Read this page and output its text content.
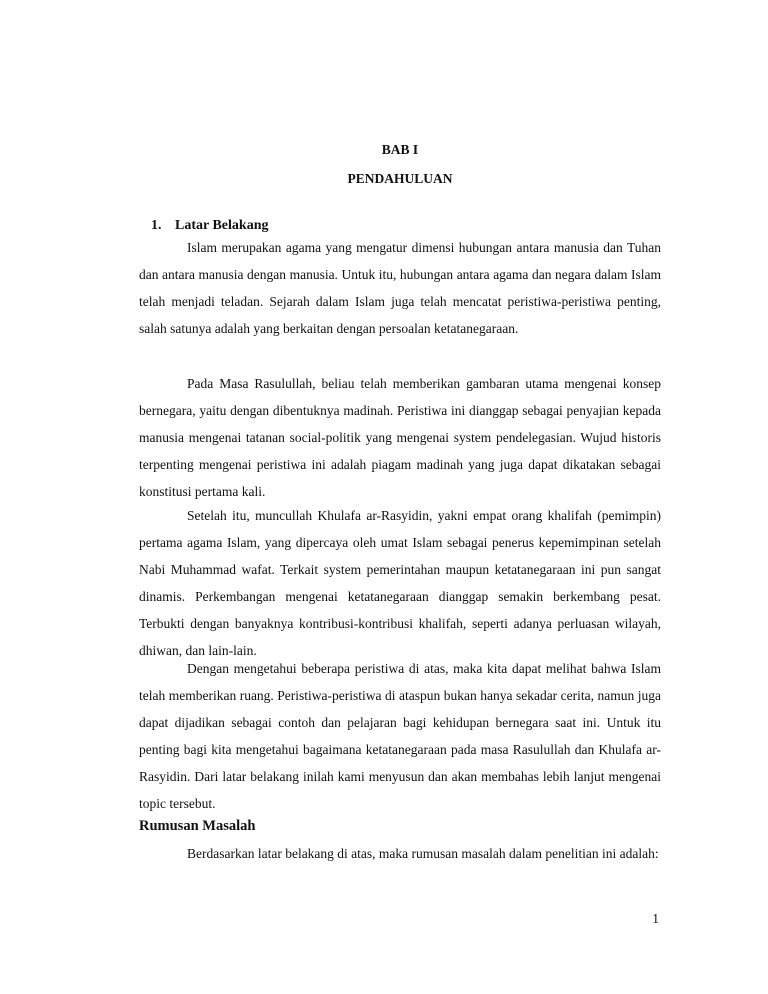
BAB I
PENDAHULUAN
1. Latar Belakang

Islam merupakan agama yang mengatur dimensi hubungan antara manusia dan Tuhan dan antara manusia dengan manusia. Untuk itu, hubungan antara agama dan negara dalam Islam telah menjadi teladan. Sejarah dalam Islam juga telah mencatat peristiwa-peristiwa penting, salah satunya adalah yang berkaitan dengan persoalan ketatanegaraan.

Pada Masa Rasulullah, beliau telah memberikan gambaran utama mengenai konsep bernegara, yaitu dengan dibentuknya madinah. Peristiwa ini dianggap sebagai penyajian kepada manusia mengenai tatanan social-politik yang mengenai system pendelegasian. Wujud historis terpenting mengenai peristiwa ini adalah piagam madinah yang juga dapat dikatakan sebagai konstitusi pertama kali.

Setelah itu, muncullah Khulafa ar-Rasyidin, yakni empat orang khalifah (pemimpin) pertama agama Islam, yang dipercaya oleh umat Islam sebagai penerus kepemimpinan setelah Nabi Muhammad wafat. Terkait system pemerintahan maupun ketatanegaraan ini pun sangat dinamis. Perkembangan mengenai ketatanegaraan dianggap semakin berkembang pesat. Terbukti dengan banyaknya kontribusi-kontribusi khalifah, seperti adanya perluasan wilayah, dhiwan, dan lain-lain.

Dengan mengetahui beberapa peristiwa di atas, maka kita dapat melihat bahwa Islam telah memberikan ruang. Peristiwa-peristiwa di ataspun bukan hanya sekadar cerita, namun juga dapat dijadikan sebagai contoh dan pelajaran bagi kehidupan bernegara saat ini. Untuk itu penting bagi kita mengetahui bagaimana ketatanegaraan pada masa Rasulullah dan Khulafa ar-Rasyidin. Dari latar belakang inilah kami menyusun dan akan membahas lebih lanjut mengenai topic tersebut.

Rumusan Masalah

Berdasarkan latar belakang di atas, maka rumusan masalah dalam penelitian ini adalah:

1
